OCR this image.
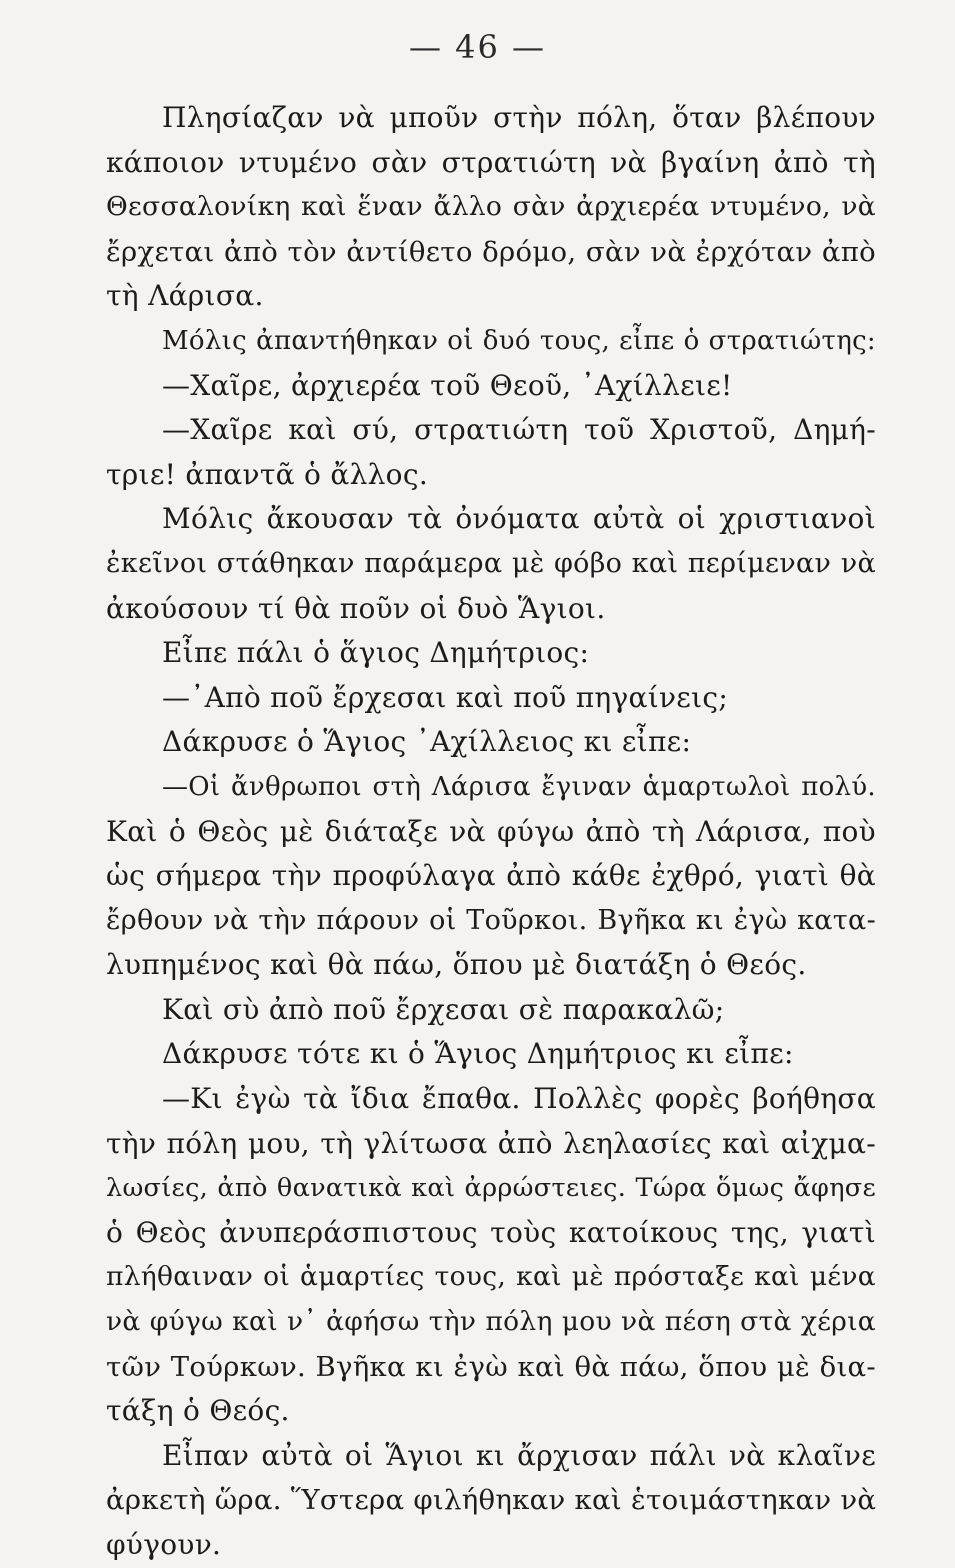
— 46 —
Πλησίαζαν νὰ μποῦν στὴν πόλη, ὅταν βλέπουν
κάποιον ντυμένο σὰν στρατιώτη νὰ βγαίνη ἀπὸ τὴ
Θεσσαλονίκη καὶ ἕναν ἄλλο σὰν ἀρχιερέα ντυμένο, νὰ
ἔρχεται ἀπὸ τὸν ἀντίθετο δρόμο, σὰν νὰ ἐρχόταν ἀπὸ
τὴ Λάρισα.
Μόλις ἀπαντήθηκαν οἱ δυό τους, εἶπε ὁ στρατιώτης:
—Χαῖρε, ἀρχιερέα τοῦ Θεοῦ, ᾿Αχίλλειε!
—Χαῖρε καὶ σύ, στρατιώτη τοῦ Χριστοῦ, Δημή-
τριε! ἀπαντᾶ ὁ ἄλλος.
Μόλις ἄκουσαν τὰ ὀνόματα αὐτὰ οἱ χριστιανοὶ
ἐκεῖνοι στάθηκαν παράμερα μὲ φόβο καὶ περίμεναν νὰ
ἀκούσουν τί θὰ ποῦν οἱ δυὸ Ἅγιοι.
Εἶπε πάλι ὁ ἅγιος Δημήτριος:
—᾿Απὸ ποῦ ἔρχεσαι καὶ ποῦ πηγαίνεις;
Δάκρυσε ὁ Ἅγιος ᾿Αχίλλειος κι εἶπε:
—Οἱ ἄνθρωποι στὴ Λάρισα ἔγιναν ἁμαρτωλοὶ πολύ.
Καὶ ὁ Θεὸς μὲ διάταξε νὰ φύγω ἀπὸ τὴ Λάρισα, ποὺ
ὡς σήμερα τὴν προφύλαγα ἀπὸ κάθε ἐχθρό, γιατὶ θὰ
ἔρθουν νὰ τὴν πάρουν οἱ Τοῦρκοι. Βγῆκα κι ἐγὼ κατα-
λυπημένος καὶ θὰ πάω, ὅπου μὲ διατάξη ὁ Θεός.
Καὶ σὺ ἀπὸ ποῦ ἔρχεσαι σὲ παρακαλῶ;
Δάκρυσε τότε κι ὁ Ἅγιος Δημήτριος κι εἶπε:
—Κι ἐγὼ τὰ ἴδια ἔπαθα. Πολλὲς φορὲς βοήθησα
τὴν πόλη μου, τὴ γλίτωσα ἀπὸ λεηλασίες καὶ αἰχμα-
λωσίες, ἀπὸ θανατικὰ καὶ ἀρρώστειες. Τώρα ὅμως ἄφησε
ὁ Θεὸς ἀνυπεράσπιστους τοὺς κατοίκους της, γιατὶ
πλήθαιναν οἱ ἁμαρτίες τους, καὶ μὲ πρόσταξε καὶ μένα
νὰ φύγω καὶ ν᾿ ἀφήσω τὴν πόλη μου νὰ πέση στὰ χέρια
τῶν Τούρκων. Βγῆκα κι ἐγὼ καὶ θὰ πάω, ὅπου μὲ δια-
τάξη ὁ Θεός.
Εἶπαν αὐτὰ οἱ Ἅγιοι κι ἄρχισαν πάλι νὰ κλαῖνε
ἀρκετὴ ὥρα. Ὕστερα φιλήθηκαν καὶ ἑτοιμάστηκαν νὰ
φύγουν.
